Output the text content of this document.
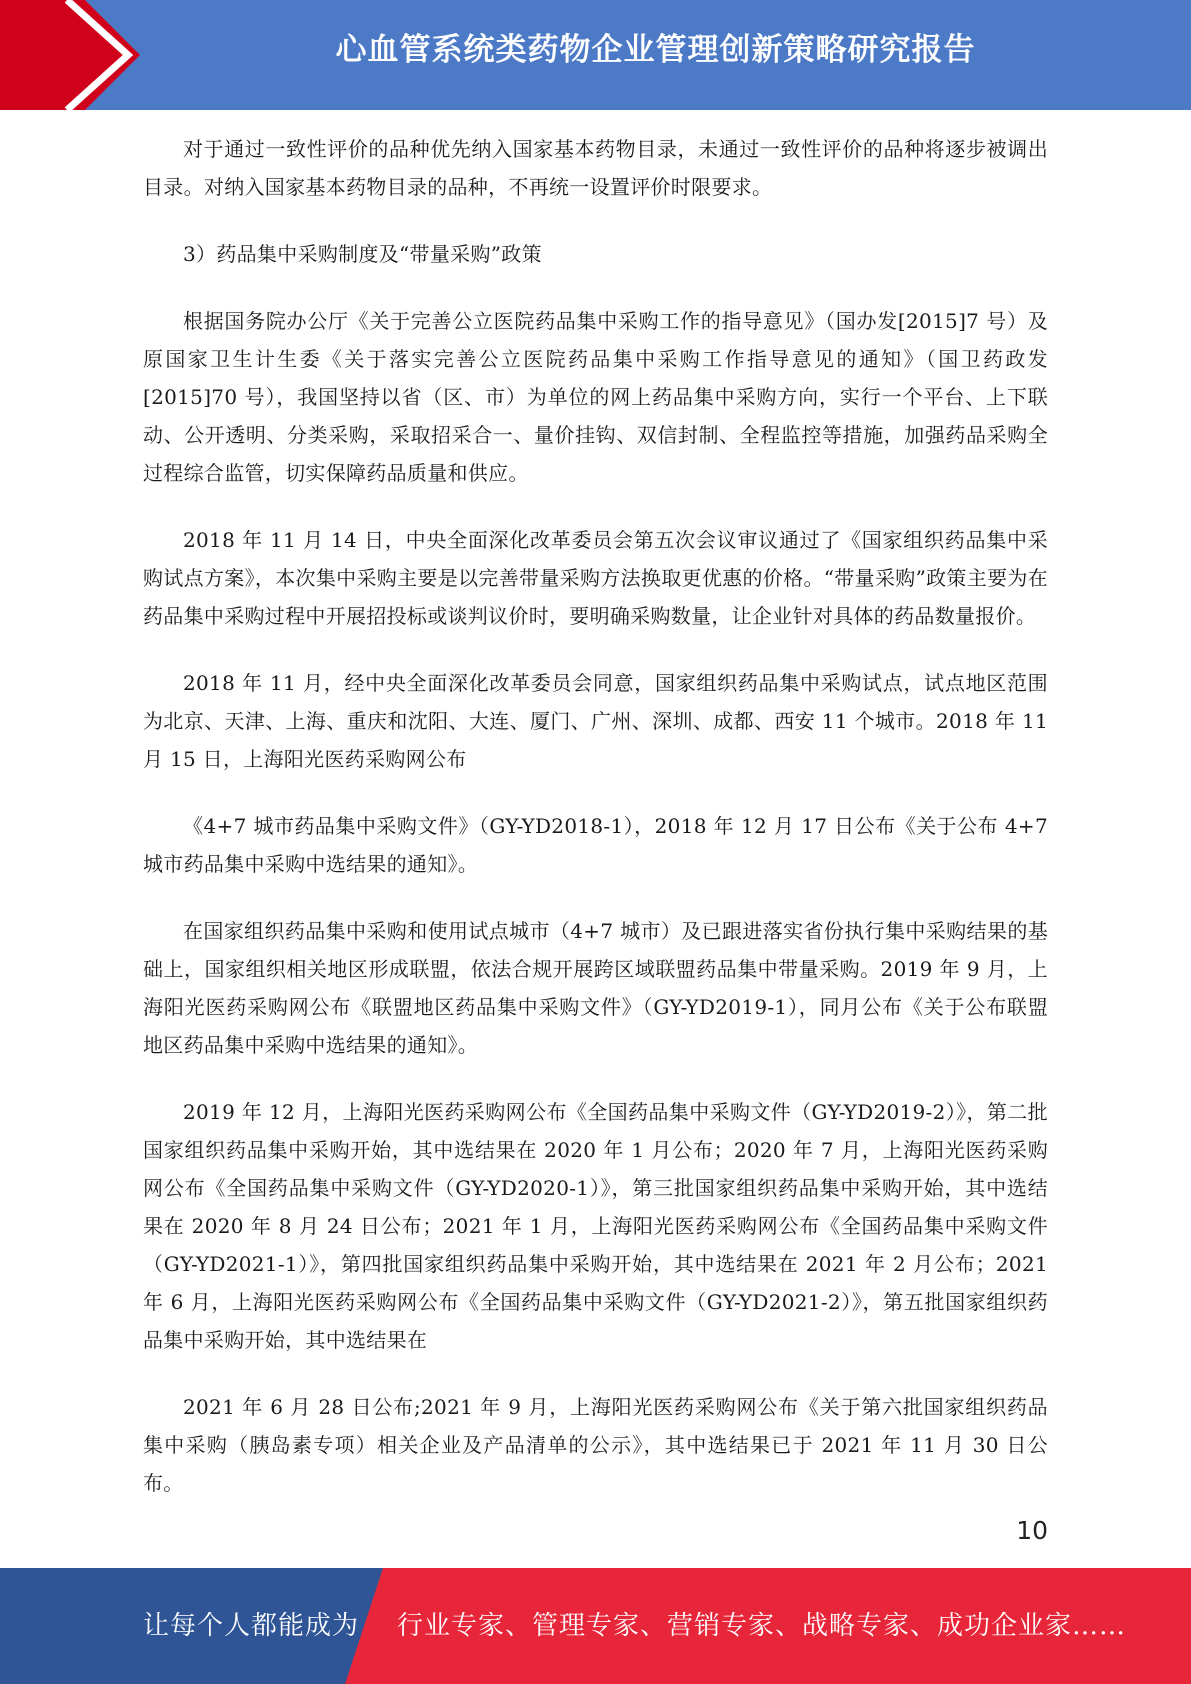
心血管系统类药物企业管理创新策略研究报告

对于通过一致性评价的品种优先纳入国家基本药物目录，未通过一致性评价的品种将逐步被调出目录。对纳入国家基本药物目录的品种，不再统一设置评价时限要求。

3）药品集中采购制度及“带量采购”政策

根据国务院办公厅《关于完善公立医院药品集中采购工作的指导意见》（国办发[2015]7 号）及原国家卫生计生委《关于落实完善公立医院药品集中采购工作指导意见的通知》（国卫药政发[2015]70 号），我国坚持以省（区、市）为单位的网上药品集中采购方向，实行一个平台、上下联动、公开透明、分类采购，采取招采合一、量价挂钩、双信封制、全程监控等措施，加强药品采购全过程综合监管，切实保障药品质量和供应。

2018 年 11 月 14 日，中央全面深化改革委员会第五次会议审议通过了《国家组织药品集中采购试点方案》，本次集中采购主要是以完善带量采购方法换取更优惠的价格。“带量采购”政策主要为在药品集中采购过程中开展招投标或谈判议价时，要明确采购数量，让企业针对具体的药品数量报价。

2018 年 11 月，经中央全面深化改革委员会同意，国家组织药品集中采购试点，试点地区范围为北京、天津、上海、重庆和沈阳、大连、厦门、广州、深圳、成都、西安 11 个城市。2018 年 11 月 15 日，上海阳光医药采购网公布

《4+7 城市药品集中采购文件》（GY-YD2018-1），2018 年 12 月 17 日公布《关于公布 4+7 城市药品集中采购中选结果的通知》。

在国家组织药品集中采购和使用试点城市（4+7 城市）及已跟进落实省份执行集中采购结果的基础上，国家组织相关地区形成联盟，依法合规开展跨区域联盟药品集中带量采购。2019 年 9 月，上海阳光医药采购网公布《联盟地区药品集中采购文件》（GY-YD2019-1），同月公布《关于公布联盟地区药品集中采购中选结果的通知》。

2019 年 12 月，上海阳光医药采购网公布《全国药品集中采购文件（GY-YD2019-2）》，第二批国家组织药品集中采购开始，其中选结果在 2020 年 1 月公布；2020 年 7 月，上海阳光医药采购网公布《全国药品集中采购文件（GY-YD2020-1）》，第三批国家组织药品集中采购开始，其中选结果在 2020 年 8 月 24 日公布；2021 年 1 月，上海阳光医药采购网公布《全国药品集中采购文件（GY-YD2021-1）》，第四批国家组织药品集中采购开始，其中选结果在 2021 年 2 月公布；2021 年 6 月，上海阳光医药采购网公布《全国药品集中采购文件（GY-YD2021-2）》，第五批国家组织药品集中采购开始，其中选结果在

2021 年 6 月 28 日公布;2021 年 9 月，上海阳光医药采购网公布《关于第六批国家组织药品集中采购（胰岛素专项）相关企业及产品清单的公示》，其中选结果已于 2021 年 11 月 30 日公布。

10
让每个人都能成为 行业专家、管理专家、营销专家、战略专家、成功企业家……
